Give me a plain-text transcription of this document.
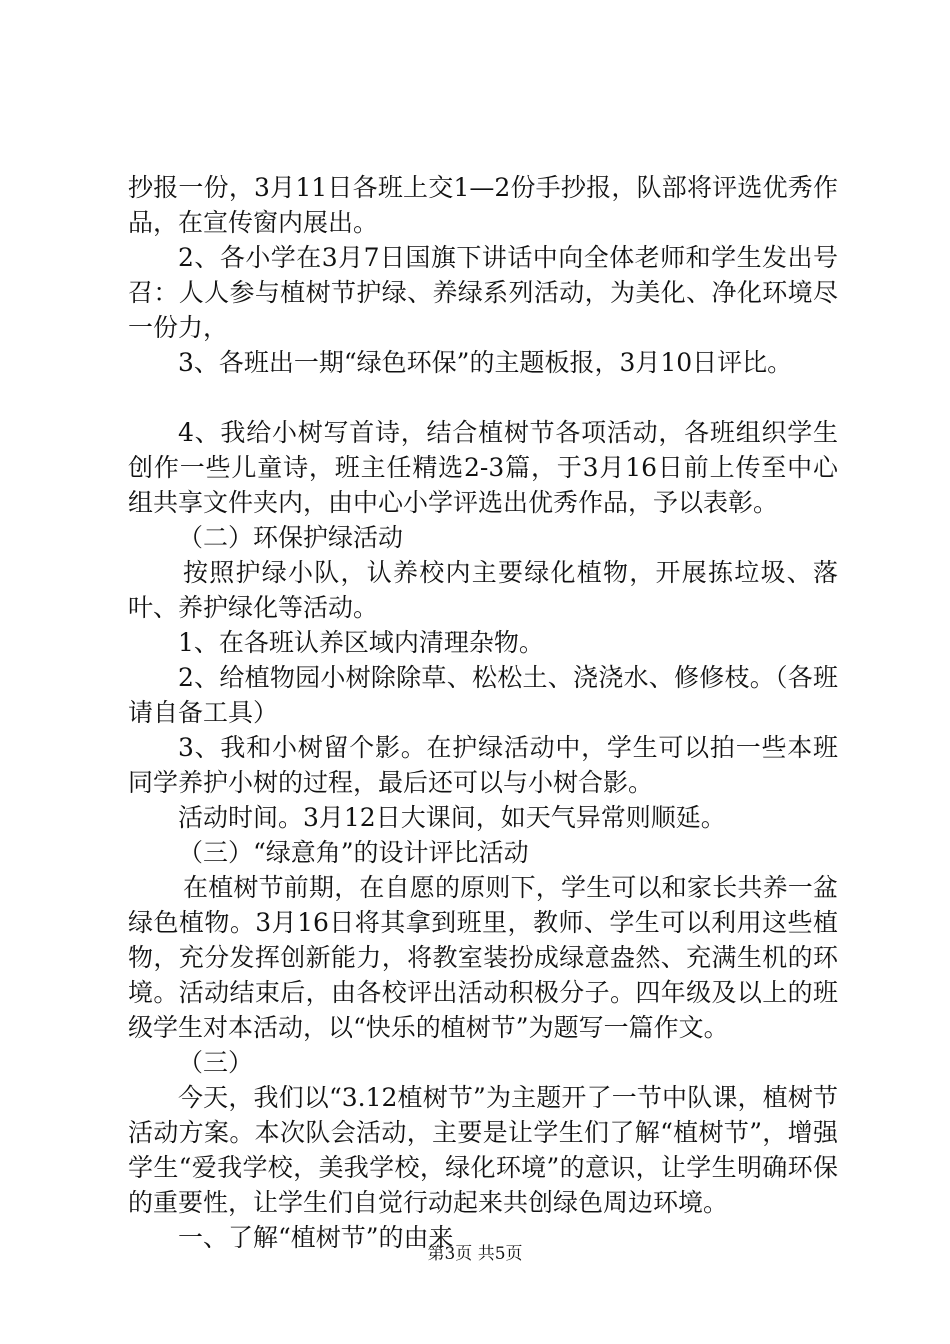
抄报一份，3月11日各班上交1—2份手抄报，队部将评选优秀作品，在宣传窗内展出。

2、各小学在3月7日国旗下讲话中向全体老师和学生发出号召：人人参与植树节护绿、养绿系列活动，为美化、净化环境尽一份力，

3、各班出一期“绿色环保”的主题板报，3月10日评比。

4、我给小树写首诗，结合植树节各项活动，各班组织学生创作一些儿童诗，班主任精选2-3篇，于3月16日前上传至中心组共享文件夹内，由中心小学评选出优秀作品，予以表彰。

（二）环保护绿活动

按照护绿小队，认养校内主要绿化植物，开展拣垃圾、落叶、养护绿化等活动。

1、在各班认养区域内清理杂物。

2、给植物园小树除除草、松松土、浇浇水、修修枝。（各班请自备工具）

3、我和小树留个影。在护绿活动中，学生可以拍一些本班同学养护小树的过程，最后还可以与小树合影。

活动时间。3月12日大课间，如天气异常则顺延。

（三）“绿意角”的设计评比活动

在植树节前期，在自愿的原则下，学生可以和家长共养一盆绿色植物。3月16日将其拿到班里，教师、学生可以利用这些植物，充分发挥创新能力，将教室装扮成绿意盎然、充满生机的环境。活动结束后，由各校评出活动积极分子。四年级及以上的班级学生对本活动，以“快乐的植树节”为题写一篇作文。

（三）

今天，我们以“3.12植树节”为主题开了一节中队课，植树节活动方案。本次队会活动，主要是让学生们了解“植树节”，增强学生“爱我学校，美我学校，绿化环境”的意识，让学生明确环保的重要性，让学生们自觉行动起来共创绿色周边环境。

一、了解“植树节”的由来

第3页 共5页
